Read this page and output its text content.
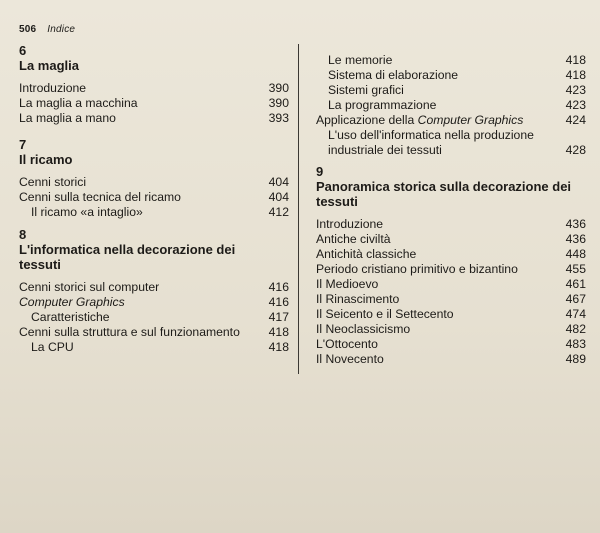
506 Indice
6
La maglia
Introduzione	390
La maglia a macchina	390
La maglia a mano	393
7
Il ricamo
Cenni storici	404
Cenni sulla tecnica del ricamo	404
Il ricamo «a intaglio»	412
8
L'informatica nella decorazione dei tessuti
Cenni storici sul computer	416
Computer Graphics	416
Caratteristiche	417
Cenni sulla struttura e sul funzionamento	418
La CPU	418
Le memorie	418
Sistema di elaborazione	418
Sistemi grafici	423
La programmazione	423
Applicazione della Computer Graphics	424
L'uso dell'informatica nella produzione industriale dei tessuti	428
9
Panoramica storica sulla decorazione dei tessuti
Introduzione	436
Antiche civiltà	436
Antichità classiche	448
Periodo cristiano primitivo e bizantino	455
Il Medioevo	461
Il Rinascimento	467
Il Seicento e il Settecento	474
Il Neoclassicismo	482
L'Ottocento	483
Il Novecento	489
